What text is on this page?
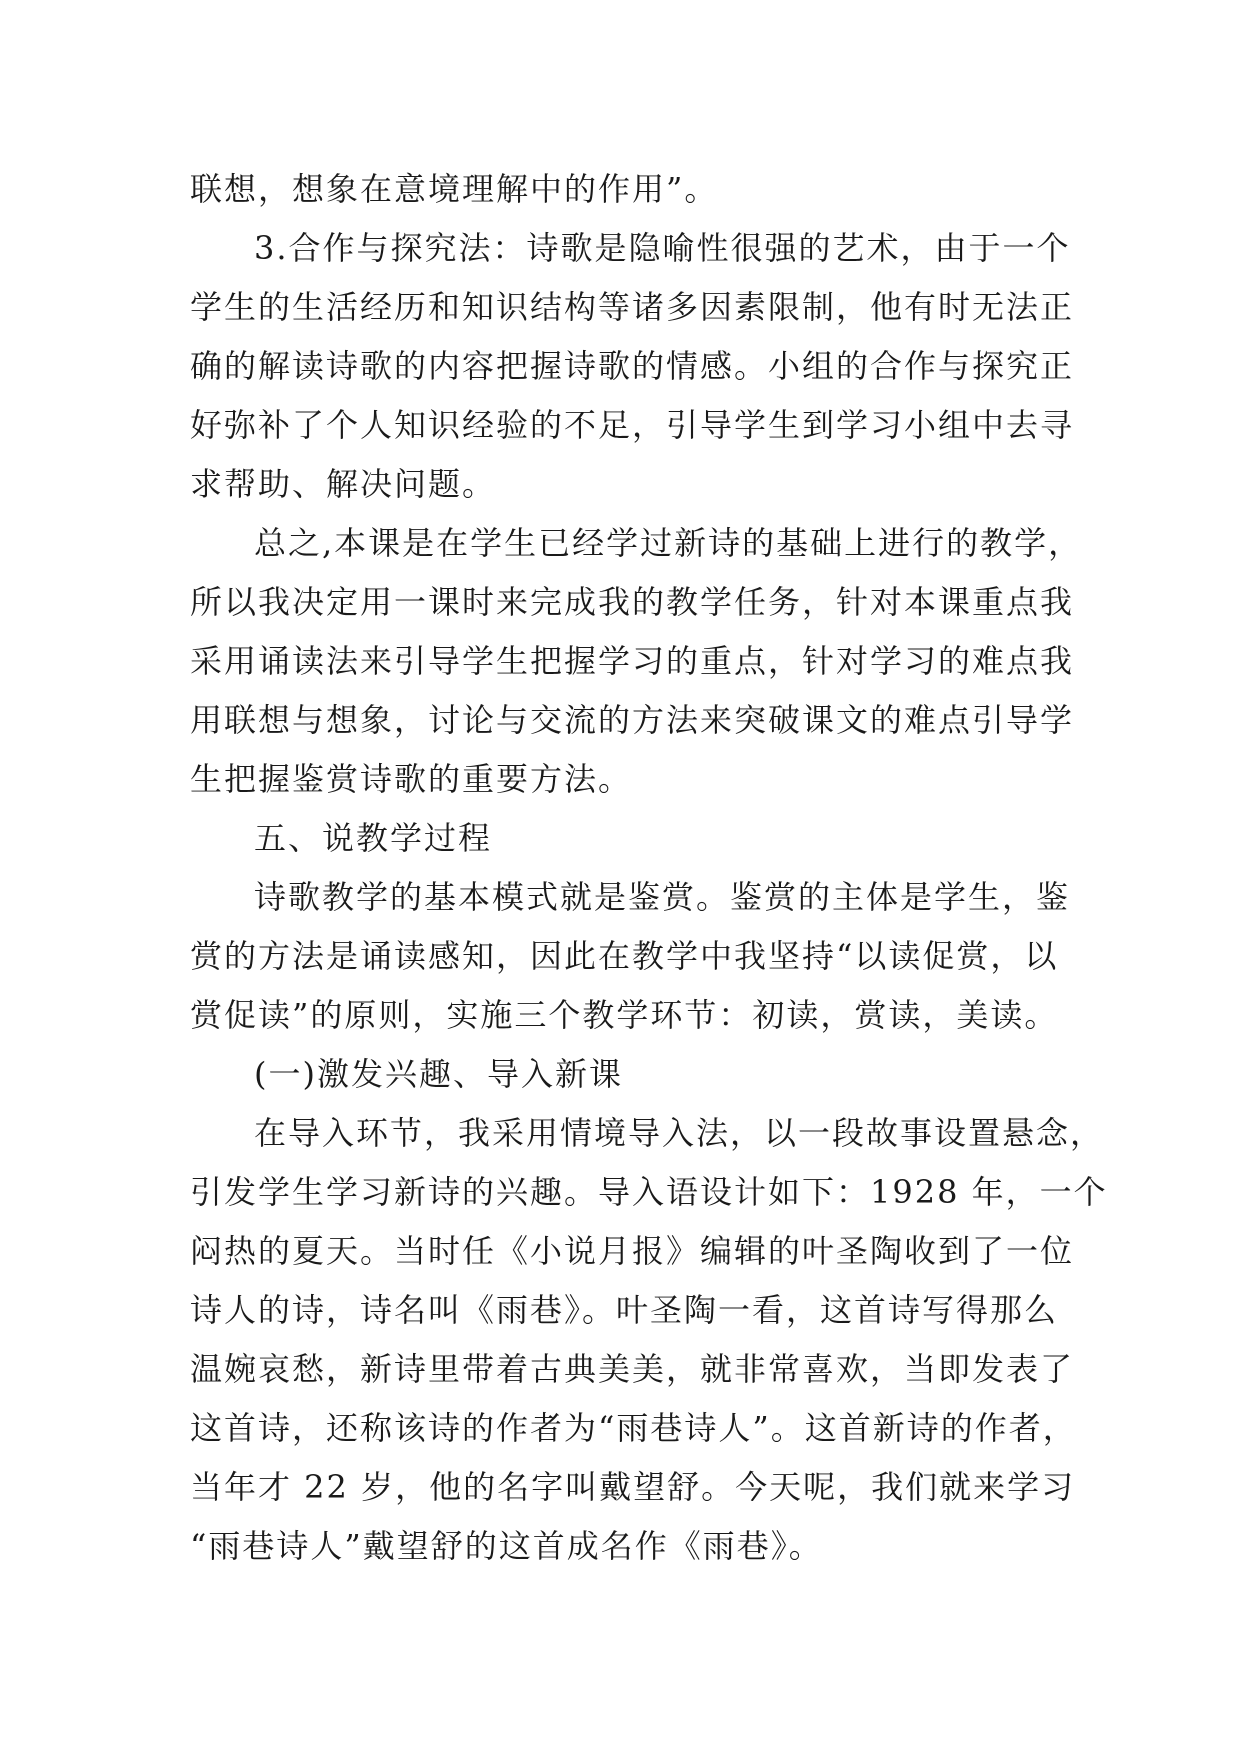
联想，想象在意境理解中的作用”。
3.合作与探究法：诗歌是隐喻性很强的艺术，由于一个
学生的生活经历和知识结构等诸多因素限制，他有时无法正
确的解读诗歌的内容把握诗歌的情感。小组的合作与探究正
好弥补了个人知识经验的不足，引导学生到学习小组中去寻
求帮助、解决问题。
总之,本课是在学生已经学过新诗的基础上进行的教学，
所以我决定用一课时来完成我的教学任务，针对本课重点我
采用诵读法来引导学生把握学习的重点，针对学习的难点我
用联想与想象，讨论与交流的方法来突破课文的难点引导学
生把握鉴赏诗歌的重要方法。
五、说教学过程
诗歌教学的基本模式就是鉴赏。鉴赏的主体是学生，鉴
赏的方法是诵读感知，因此在教学中我坚持“以读促赏，以
赏促读”的原则，实施三个教学环节：初读，赏读，美读。
(一)激发兴趣、导入新课
在导入环节，我采用情境导入法，以一段故事设置悬念，
引发学生学习新诗的兴趣。导入语设计如下：1928 年，一个
闷热的夏天。当时任《小说月报》编辑的叶圣陶收到了一位
诗人的诗，诗名叫《雨巷》。叶圣陶一看，这首诗写得那么
温婉哀愁，新诗里带着古典美美，就非常喜欢，当即发表了
这首诗，还称该诗的作者为“雨巷诗人”。这首新诗的作者，
当年才 22 岁，他的名字叫戴望舒。今天呢，我们就来学习
“雨巷诗人”戴望舒的这首成名作《雨巷》。
